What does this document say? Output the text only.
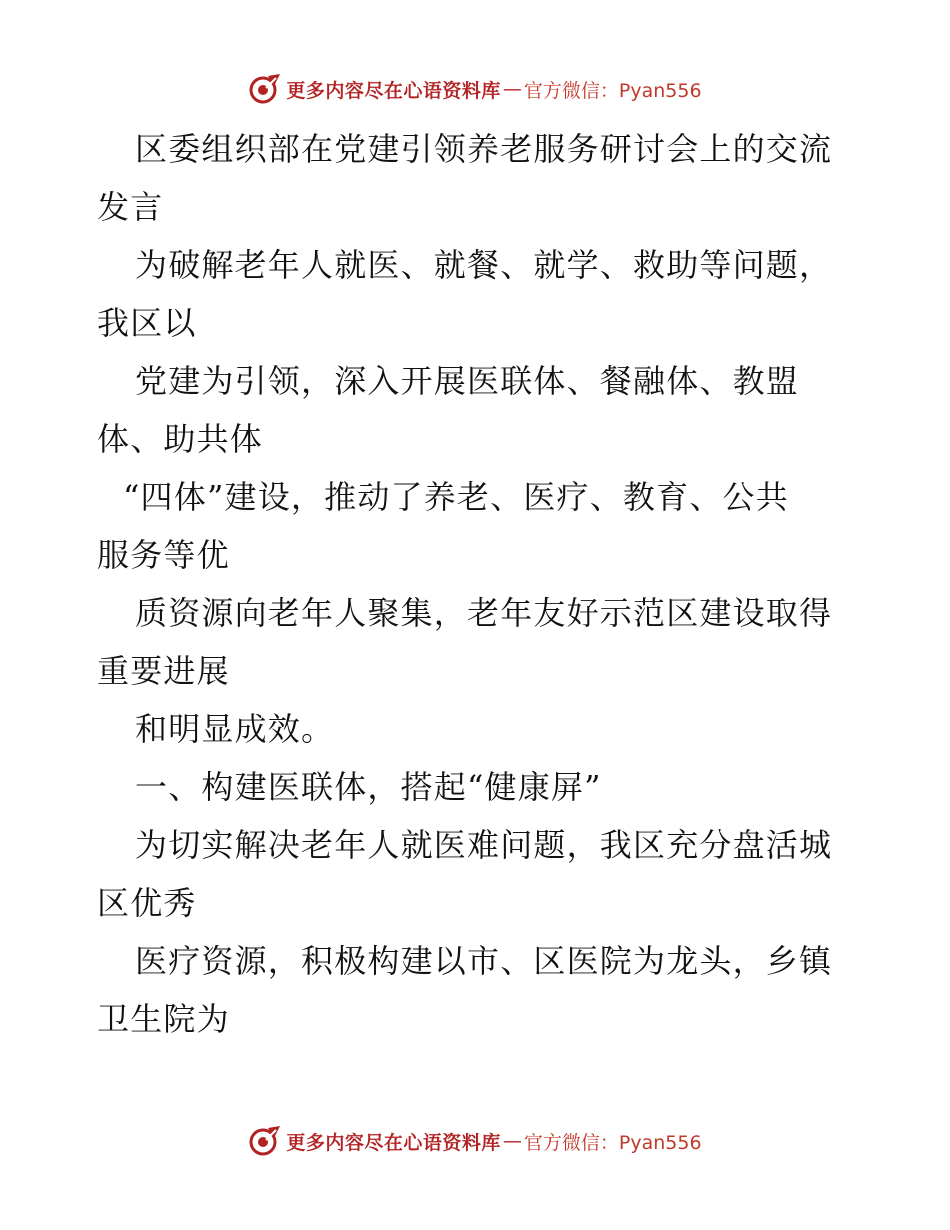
更多内容尽在心语资料库 — 官方微信：Pyan556
区委组织部在党建引领养老服务研讨会上的交流
发言
为破解老年人就医、就餐、就学、救助等问题，
我区以
党建为引领，深入开展医联体、餐融体、教盟
体、助共体
“四体”建设，推动了养老、医疗、教育、公共
服务等优
质资源向老年人聚集，老年友好示范区建设取得
重要进展
和明显成效。
一、构建医联体，搭起“健康屏”
为切实解决老年人就医难问题，我区充分盘活城
区优秀
医疗资源，积极构建以市、区医院为龙头，乡镇
卫生院为
更多内容尽在心语资料库 — 官方微信：Pyan556
